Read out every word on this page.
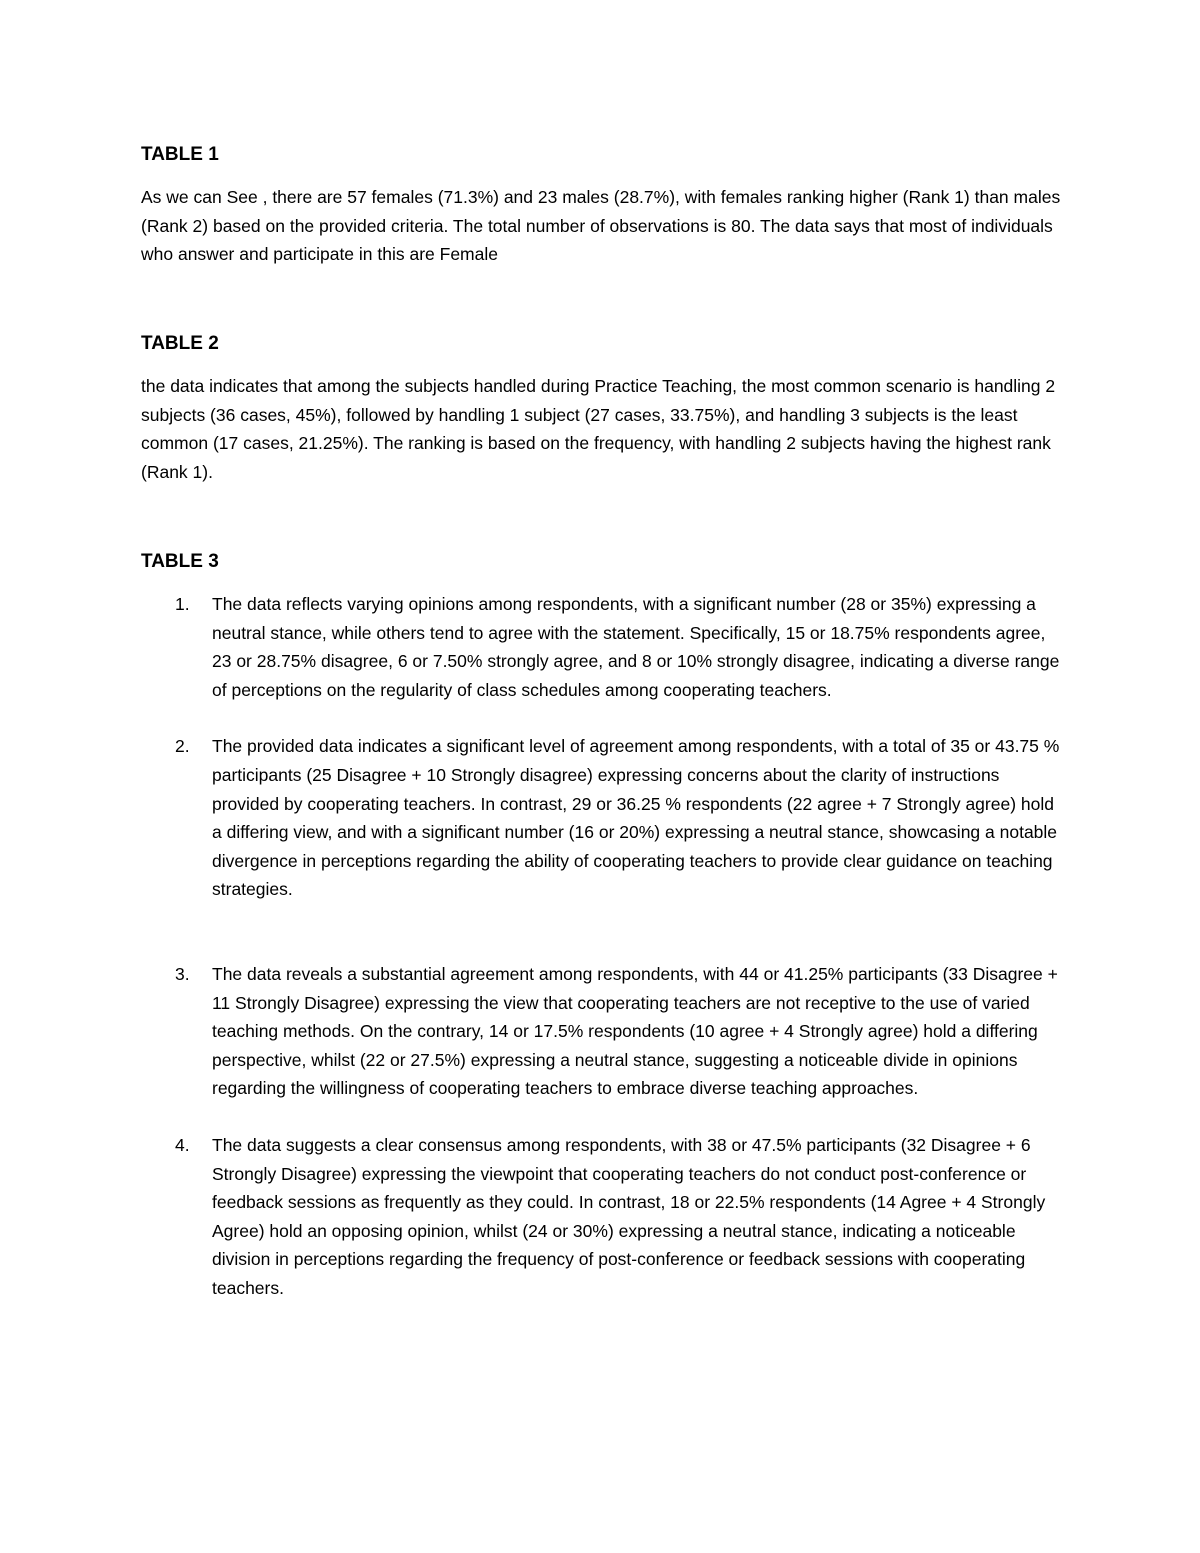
TABLE 1

As we can See , there are 57 females (71.3%) and 23 males (28.7%), with females ranking higher (Rank 1) than males (Rank 2) based on the provided criteria. The total number of observations is 80. The data says that most of individuals who answer and participate in this are Female

TABLE 2

the data indicates that among the subjects handled during Practice Teaching, the most common scenario is handling 2 subjects (36 cases, 45%), followed by handling 1 subject (27 cases, 33.75%), and handling 3 subjects is the least common (17 cases, 21.25%). The ranking is based on the frequency, with handling 2 subjects having the highest rank (Rank 1).

TABLE 3
1. The data reflects varying opinions among respondents, with a significant number (28 or 35%) expressing a neutral stance, while others tend to agree with the statement. Specifically, 15 or 18.75% respondents agree, 23 or 28.75% disagree, 6 or 7.50% strongly agree, and 8 or 10% strongly disagree, indicating a diverse range of perceptions on the regularity of class schedules among cooperating teachers.
2. The provided data indicates a significant level of agreement among respondents, with a total of 35 or 43.75 % participants (25 Disagree + 10 Strongly disagree) expressing concerns about the clarity of instructions provided by cooperating teachers. In contrast, 29 or 36.25 % respondents (22 agree + 7 Strongly agree) hold a differing view, and with a significant number (16 or 20%) expressing a neutral stance, showcasing a notable divergence in perceptions regarding the ability of cooperating teachers to provide clear guidance on teaching strategies.
3. The data reveals a substantial agreement among respondents, with 44 or 41.25% participants (33 Disagree + 11 Strongly Disagree) expressing the view that cooperating teachers are not receptive to the use of varied teaching methods. On the contrary, 14 or 17.5% respondents (10 agree + 4 Strongly agree) hold a differing perspective, whilst (22 or 27.5%) expressing a neutral stance, suggesting a noticeable divide in opinions regarding the willingness of cooperating teachers to embrace diverse teaching approaches.
4. The data suggests a clear consensus among respondents, with 38 or 47.5% participants (32 Disagree + 6 Strongly Disagree) expressing the viewpoint that cooperating teachers do not conduct post-conference or feedback sessions as frequently as they could. In contrast, 18 or 22.5% respondents (14 Agree + 4 Strongly Agree) hold an opposing opinion, whilst (24 or 30%) expressing a neutral stance, indicating a noticeable division in perceptions regarding the frequency of post-conference or feedback sessions with cooperating teachers.
